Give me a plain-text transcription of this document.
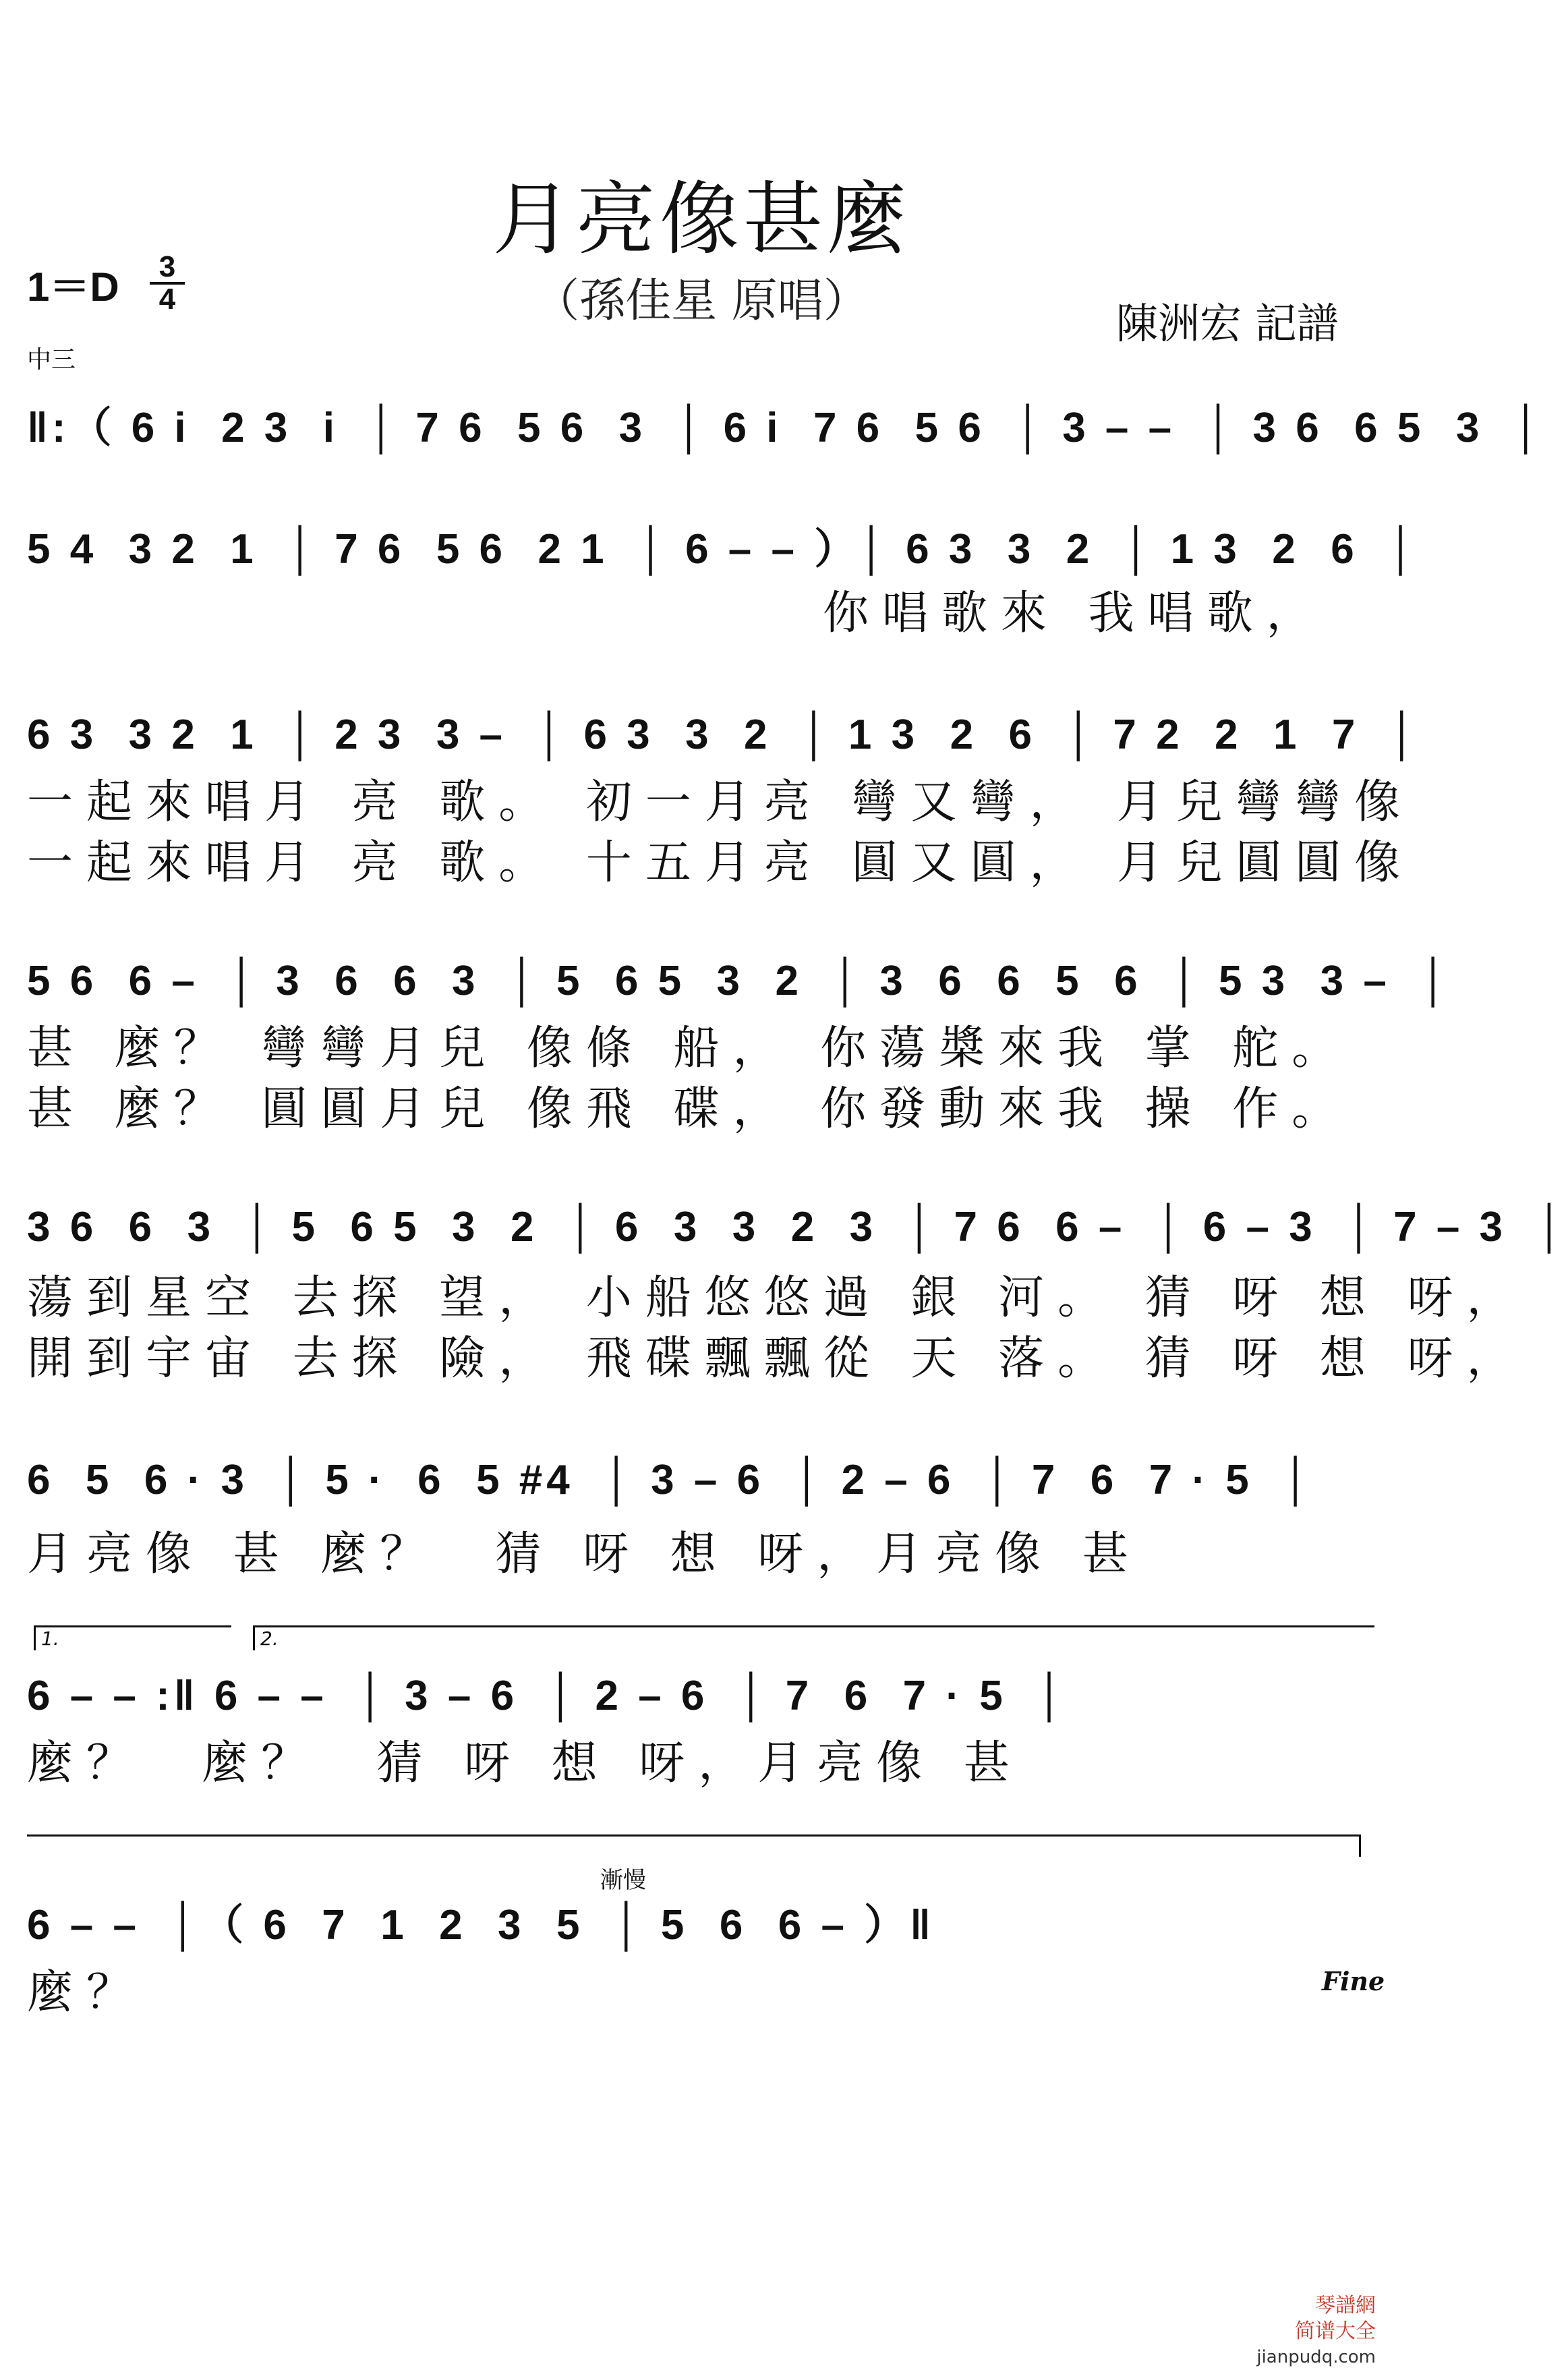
月亮像甚麼
（孫佳星 原唱）
1＝D	3
4	陳洲宏 記譜
中三
‖:（ 6 i  2 3  i  │ 7 6  5 6  3  │ 6 i  7 6  5 6  │ 3 – –  │ 3 6  6 5  3  │
5 4  3 2  1  │ 7 6  5 6  2 1  │ 6 – – ）│ 6 3  3  2  │ 1 3  2  6  │
你唱歌來 我唱歌，
6 3  3 2  1  │ 2 3  3 –  │ 6 3  3  2  │ 1 3  2  6  │ 7 2  2  1  7  │
一起來唱月 亮 歌。 初一月亮 彎又彎， 月兒彎彎像
一起來唱月 亮 歌。 十五月亮 圓又圓， 月兒圓圓像
5 6  6 –  │ 3  6  6  3  │ 5  6 5  3  2  │ 3  6  6  5  6  │ 5 3  3 –  │
甚 麼？ 彎彎月兒 像條 船， 你蕩槳來我 掌 舵。
甚 麼？ 圓圓月兒 像飛 碟， 你發動來我 操 作。
3 6  6  3  │ 5  6 5  3  2  │ 6  3  3  2  3  │ 7 6  6 –  │ 6 – 3  │ 7 – 3  │
蕩到星空 去探 望， 小船悠悠過 銀 河。 猜 呀 想 呀，
開到宇宙 去探 險， 飛碟飄飄從 天 落。 猜 呀 想 呀，
6  5  6 · 3  │ 5 ·  6  5 #4  │ 3 – 6  │ 2 – 6  │ 7  6  7 · 5  │
月亮像 甚 麼？  猜 呀 想 呀，月亮像 甚
1.	2.
6 – – :‖ 6 – –  │ 3 – 6  │ 2 – 6  │ 7  6  7 · 5  │
麼？  麼？  猜 呀 想 呀，月亮像 甚
漸慢
6 – –  │（ 6  7  1  2  3  5  │ 5  6  6 – ）‖
Fine
麼？
琴譜網
简谱大全
jianpudq.com
